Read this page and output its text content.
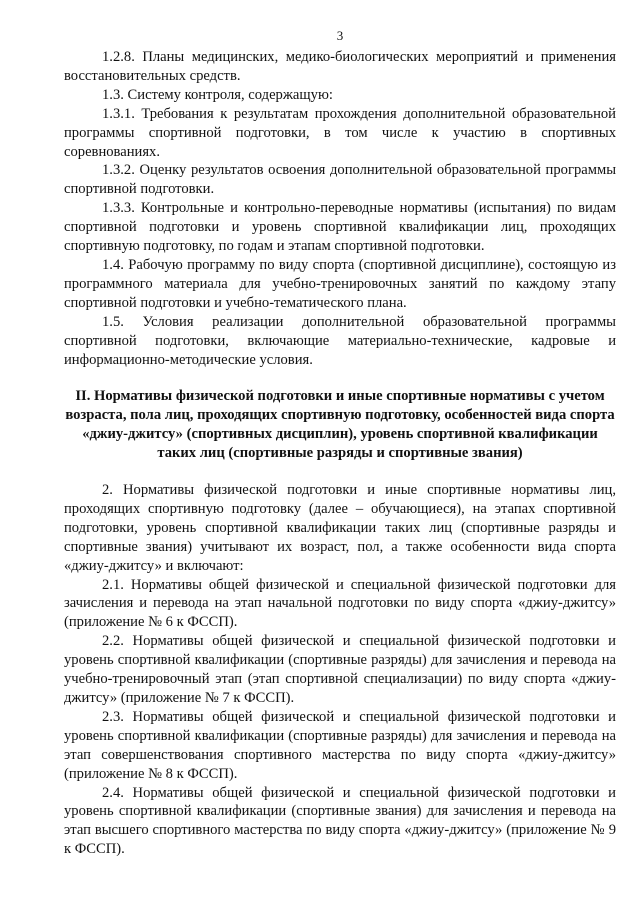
3

1.2.8. Планы медицинских, медико-биологических мероприятий и применения восстановительных средств.

1.3. Систему контроля, содержащую:

1.3.1. Требования к результатам прохождения дополнительной образовательной программы спортивной подготовки, в том числе к участию в спортивных соревнованиях.

1.3.2. Оценку результатов освоения дополнительной образовательной программы спортивной подготовки.

1.3.3. Контрольные и контрольно-переводные нормативы (испытания) по видам спортивной подготовки и уровень спортивной квалификации лиц, проходящих спортивную подготовку, по годам и этапам спортивной подготовки.

1.4. Рабочую программу по виду спорта (спортивной дисциплине), состоящую из программного материала для учебно-тренировочных занятий по каждому этапу спортивной подготовки и учебно-тематического плана.

1.5. Условия реализации дополнительной образовательной программы спортивной подготовки, включающие материально-технические, кадровые и информационно-методические условия.

II. Нормативы физической подготовки и иные спортивные нормативы с учетом возраста, пола лиц, проходящих спортивную подготовку, особенностей вида спорта «джиу-джитсу» (спортивных дисциплин), уровень спортивной квалификации таких лиц (спортивные разряды и спортивные звания)

2. Нормативы физической подготовки и иные спортивные нормативы лиц, проходящих спортивную подготовку (далее – обучающиеся), на этапах спортивной подготовки, уровень спортивной квалификации таких лиц (спортивные разряды и спортивные звания) учитывают их возраст, пол, а также особенности вида спорта «джиу-джитсу» и включают:

2.1. Нормативы общей физической и специальной физической подготовки для зачисления и перевода на этап начальной подготовки по виду спорта «джиу-джитсу» (приложение № 6 к ФССП).

2.2. Нормативы общей физической и специальной физической подготовки и уровень спортивной квалификации (спортивные разряды) для зачисления и перевода на учебно-тренировочный этап (этап спортивной специализации) по виду спорта «джиу-джитсу» (приложение № 7 к ФССП).

2.3. Нормативы общей физической и специальной физической подготовки и уровень спортивной квалификации (спортивные разряды) для зачисления и перевода на этап совершенствования спортивного мастерства по виду спорта «джиу-джитсу» (приложение № 8 к ФССП).

2.4. Нормативы общей физической и специальной физической подготовки и уровень спортивной квалификации (спортивные звания) для зачисления и перевода на этап высшего спортивного мастерства по виду спорта «джиу-джитсу» (приложение № 9 к ФССП).
